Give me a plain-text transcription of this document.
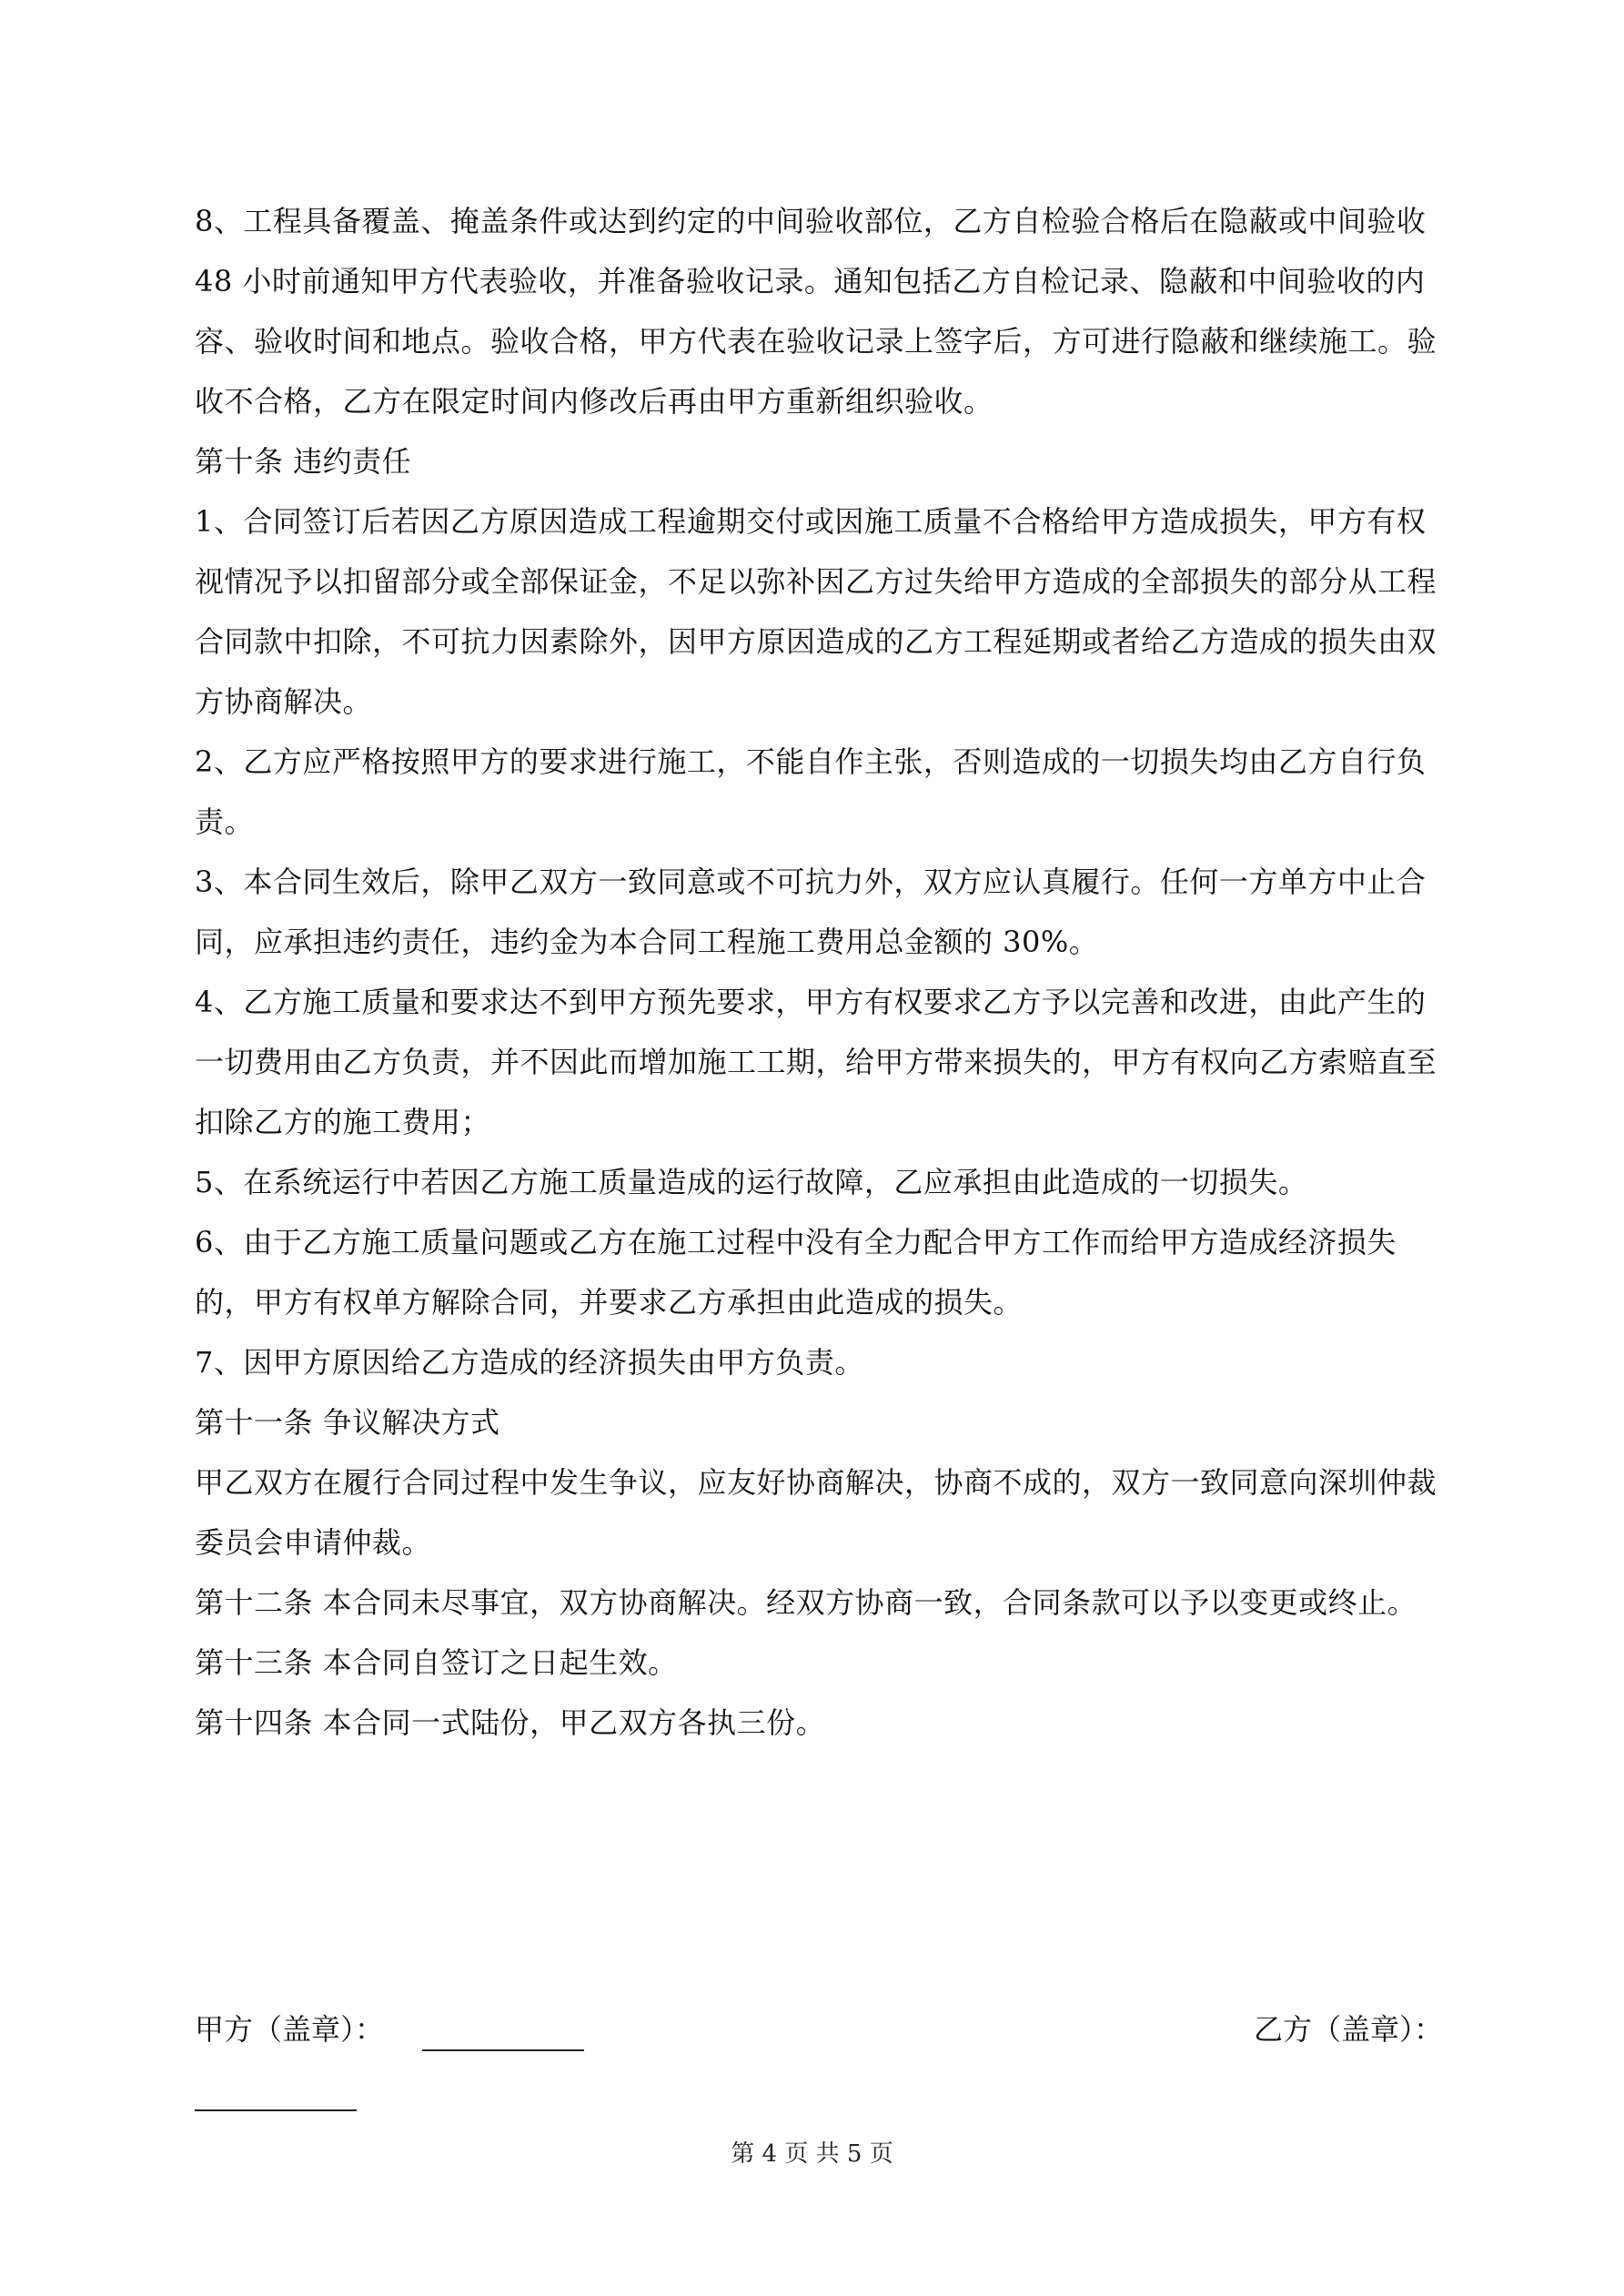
8、工程具备覆盖、掩盖条件或达到约定的中间验收部位，乙方自检验合格后在隐蔽或中间验收 48 小时前通知甲方代表验收，并准备验收记录。通知包括乙方自检记录、隐蔽和中间验收的内容、验收时间和地点。验收合格，甲方代表在验收记录上签字后，方可进行隐蔽和继续施工。验收不合格，乙方在限定时间内修改后再由甲方重新组织验收。

第十条 违约责任

1、合同签订后若因乙方原因造成工程逾期交付或因施工质量不合格给甲方造成损失，甲方有权视情况予以扣留部分或全部保证金，不足以弥补因乙方过失给甲方造成的全部损失的部分从工程合同款中扣除，不可抗力因素除外，因甲方原因造成的乙方工程延期或者给乙方造成的损失由双方协商解决。

2、乙方应严格按照甲方的要求进行施工，不能自作主张，否则造成的一切损失均由乙方自行负责。

3、本合同生效后，除甲乙双方一致同意或不可抗力外，双方应认真履行。任何一方单方中止合同，应承担违约责任，违约金为本合同工程施工费用总金额的 30%。

4、乙方施工质量和要求达不到甲方预先要求，甲方有权要求乙方予以完善和改进，由此产生的一切费用由乙方负责，并不因此而增加施工工期，给甲方带来损失的，甲方有权向乙方索赔直至扣除乙方的施工费用；

5、在系统运行中若因乙方施工质量造成的运行故障，乙应承担由此造成的一切损失。

6、由于乙方施工质量问题或乙方在施工过程中没有全力配合甲方工作而给甲方造成经济损失的，甲方有权单方解除合同，并要求乙方承担由此造成的损失。

7、因甲方原因给乙方造成的经济损失由甲方负责。

第十一条 争议解决方式

甲乙双方在履行合同过程中发生争议，应友好协商解决，协商不成的，双方一致同意向深圳仲裁委员会申请仲裁。

第十二条 本合同未尽事宜，双方协商解决。经双方协商一致，合同条款可以予以变更或终止。

第十三条 本合同自签订之日起生效。

第十四条 本合同一式陆份，甲乙双方各执三份。

甲方（盖章）：	乙方（盖章）：
第 4 页 共 5 页
